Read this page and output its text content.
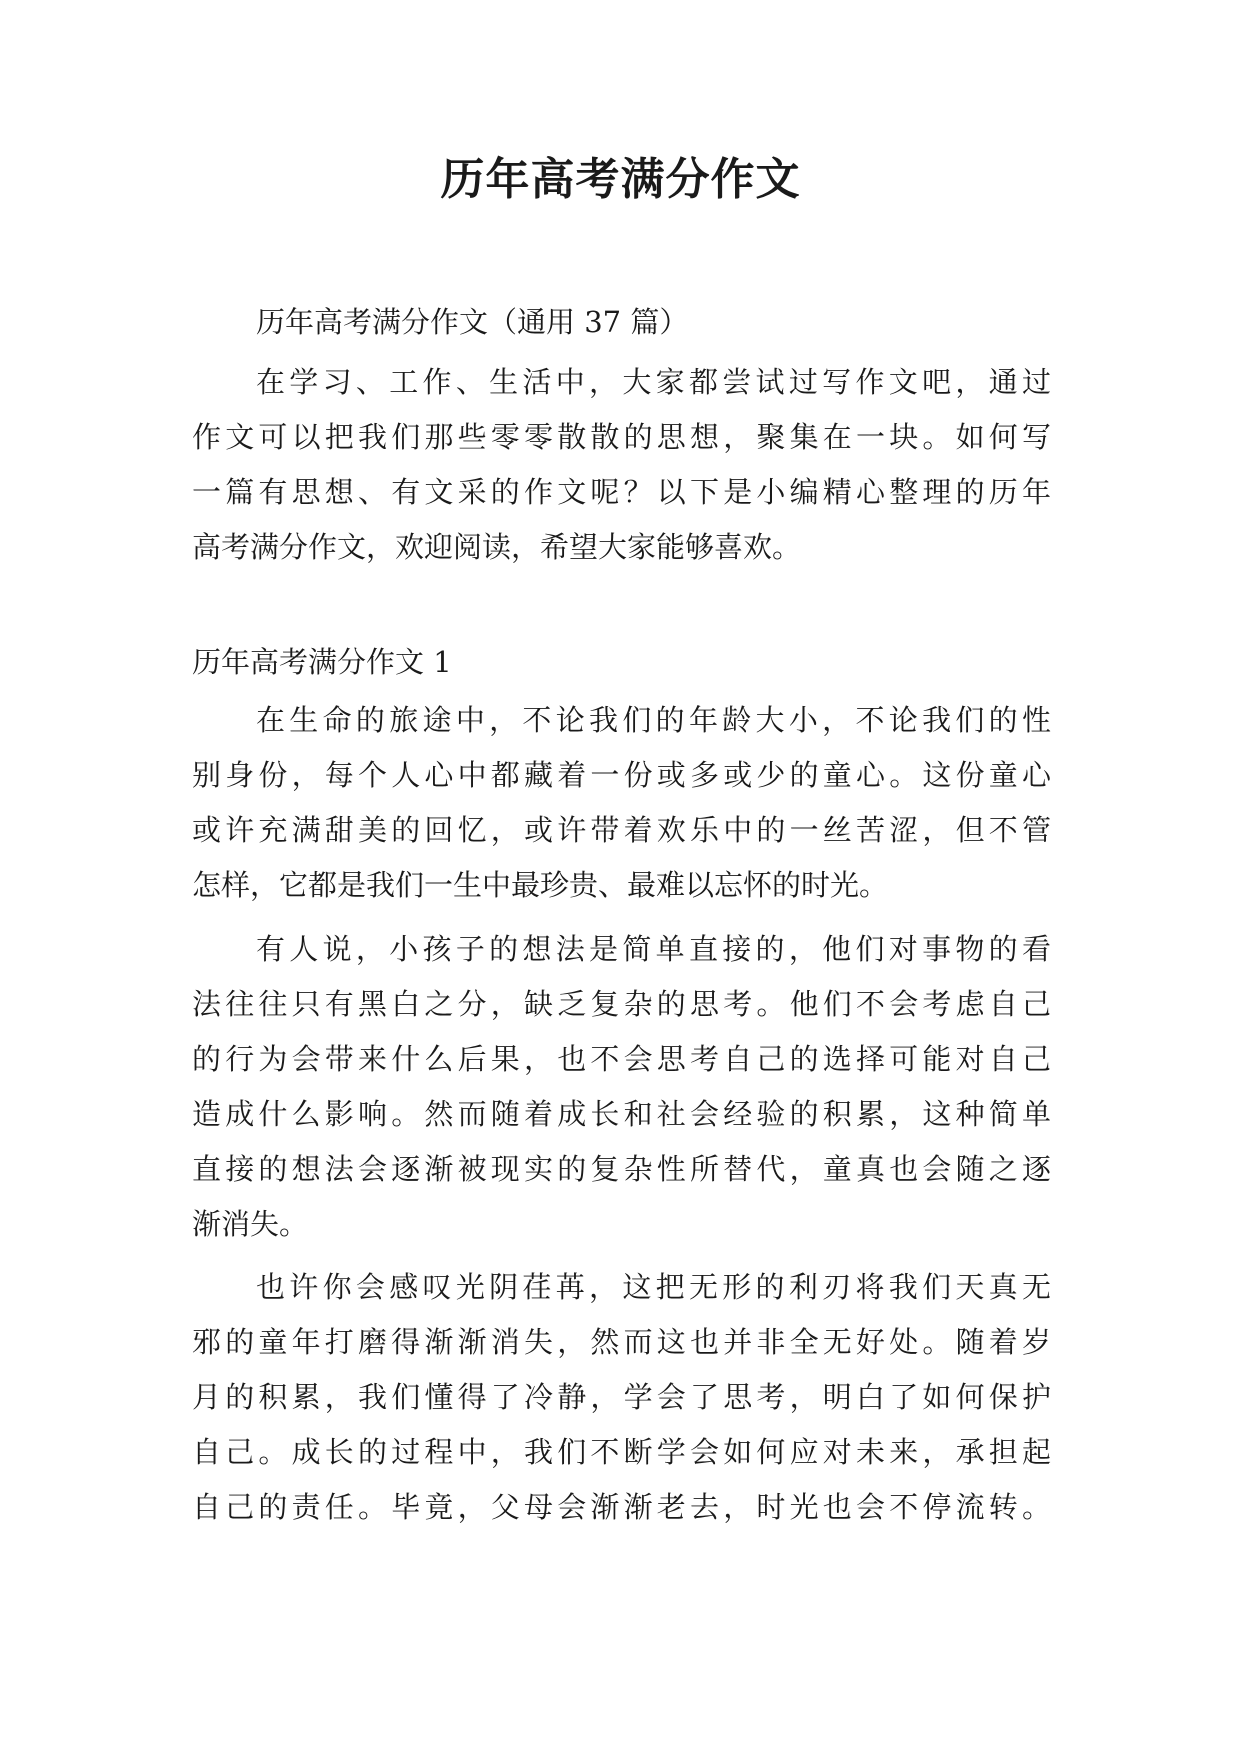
历年高考满分作文

历年高考满分作文（通用 37 篇）

在学习、工作、生活中，大家都尝试过写作文吧，通过

作文可以把我们那些零零散散的思想，聚集在一块。如何写

一篇有思想、有文采的作文呢？以下是小编精心整理的历年

高考满分作文，欢迎阅读，希望大家能够喜欢。

历年高考满分作文 1

在生命的旅途中，不论我们的年龄大小，不论我们的性

别身份，每个人心中都藏着一份或多或少的童心。这份童心

或许充满甜美的回忆，或许带着欢乐中的一丝苦涩，但不管

怎样，它都是我们一生中最珍贵、最难以忘怀的时光。

有人说，小孩子的想法是简单直接的，他们对事物的看

法往往只有黑白之分，缺乏复杂的思考。他们不会考虑自己

的行为会带来什么后果，也不会思考自己的选择可能对自己

造成什么影响。然而随着成长和社会经验的积累，这种简单

直接的想法会逐渐被现实的复杂性所替代，童真也会随之逐

渐消失。

也许你会感叹光阴荏苒，这把无形的利刃将我们天真无

邪的童年打磨得渐渐消失，然而这也并非全无好处。随着岁

月的积累，我们懂得了冷静，学会了思考，明白了如何保护

自己。成长的过程中，我们不断学会如何应对未来，承担起

自己的责任。毕竟，父母会渐渐老去，时光也会不停流转。
